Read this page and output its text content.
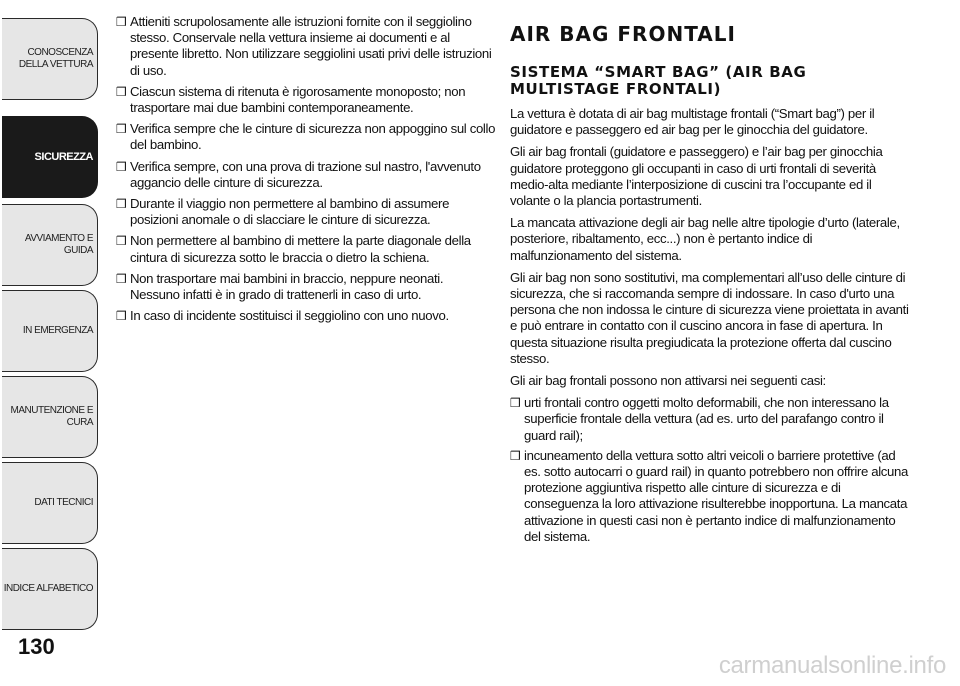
CONOSCENZA DELLA VETTURA
SICUREZZA
AVVIAMENTO E GUIDA
IN EMERGENZA
MANUTENZIONE E CURA
DATI TECNICI
INDICE ALFABETICO
130
❒ Attieniti scrupolosamente alle istruzioni fornite con il seggiolino stesso. Conservale nella vettura insieme ai documenti e al presente libretto. Non utilizzare seggiolini usati privi delle istruzioni di uso.
❒ Ciascun sistema di ritenuta è rigorosamente monoposto; non trasportare mai due bambini contemporaneamente.
❒ Verifica sempre che le cinture di sicurezza non appoggino sul collo del bambino.
❒ Verifica sempre, con una prova di trazione sul nastro, l'avvenuto aggancio delle cinture di sicurezza.
❒ Durante il viaggio non permettere al bambino di assumere posizioni anomale o di slacciare le cinture di sicurezza.
❒ Non permettere al bambino di mettere la parte diagonale della cintura di sicurezza sotto le braccia o dietro la schiena.
❒ Non trasportare mai bambini in braccio, neppure neonati. Nessuno infatti è in grado di trattenerli in caso di urto.
❒ In caso di incidente sostituisci il seggiolino con uno nuovo.
AIR BAG FRONTALI
SISTEMA “SMART BAG” (AIR BAG MULTISTAGE FRONTALI)

La vettura è dotata di air bag multistage frontali (“Smart bag”) per il guidatore e passeggero ed air bag per le ginocchia del guidatore.

Gli air bag frontali (guidatore e passeggero) e l’air bag per ginocchia guidatore proteggono gli occupanti in caso di urti frontali di severità medio-alta mediante l’interposizione di cuscini tra l’occupante ed il volante o la plancia portastrumenti.

La mancata attivazione degli air bag nelle altre tipologie d’urto (laterale, posteriore, ribaltamento, ecc...) non è pertanto indice di malfunzionamento del sistema.

Gli air bag non sono sostitutivi, ma complementari all’uso delle cinture di sicurezza, che si raccomanda sempre di indossare. In caso d'urto una persona che non indossa le cinture di sicurezza viene proiettata in avanti e può entrare in contatto con il cuscino ancora in fase di apertura. In questa situazione risulta pregiudicata la protezione offerta dal cuscino stesso.

Gli air bag frontali possono non attivarsi nei seguenti casi:

❒ urti frontali contro oggetti molto deformabili, che non interessano la superficie frontale della vettura (ad es. urto del parafango contro il guard rail);
❒ incuneamento della vettura sotto altri veicoli o barriere protettive (ad es. sotto autocarri o guard rail) in quanto potrebbero non offrire alcuna protezione aggiuntiva rispetto alle cinture di sicurezza e di conseguenza la loro attivazione risulterebbe inopportuna. La mancata attivazione in questi casi non è pertanto indice di malfunzionamento del sistema.
carmanualsonline.info
